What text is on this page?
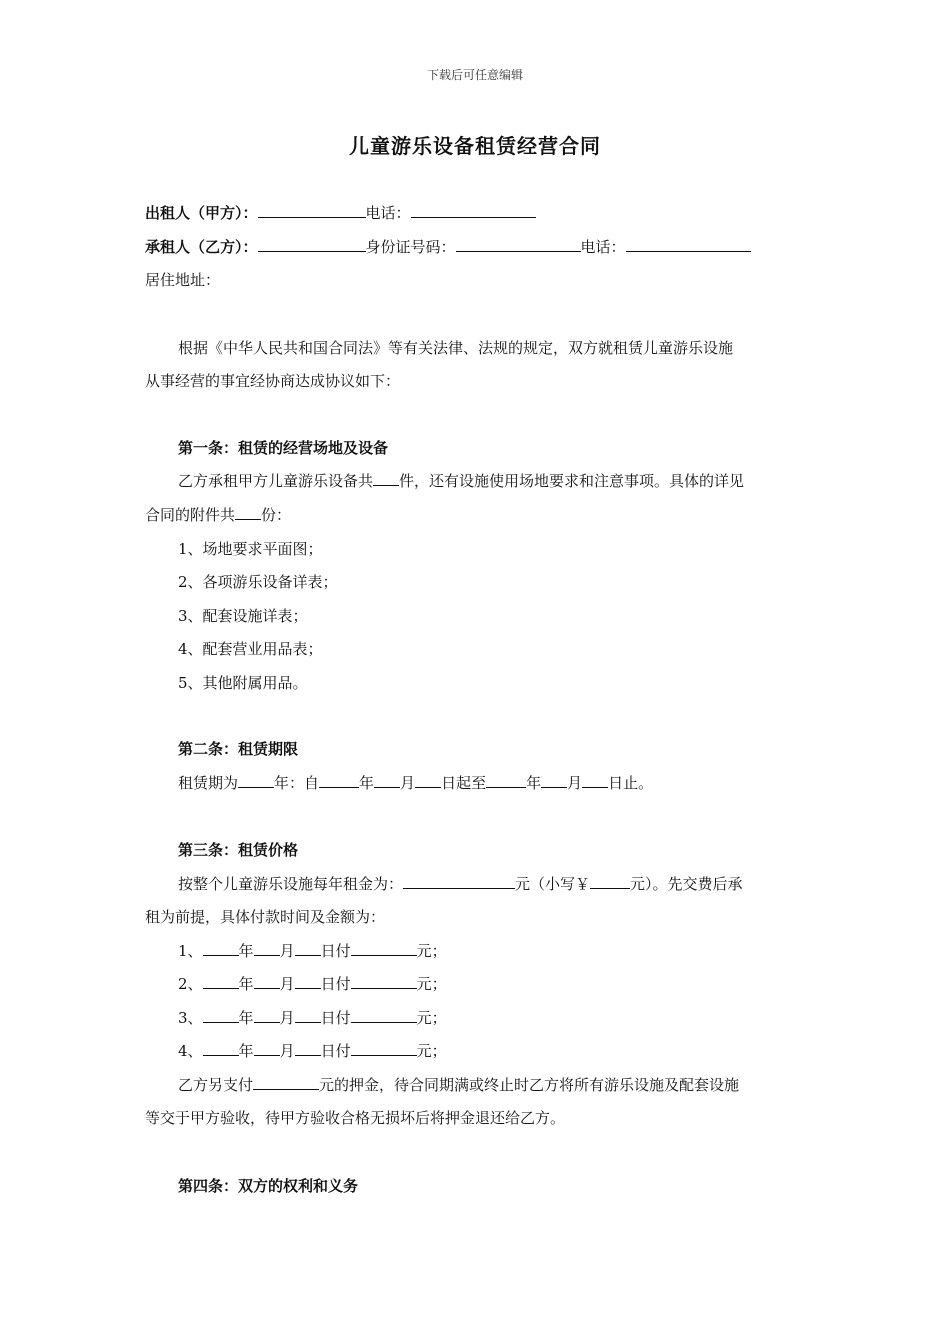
下载后可任意编辑
儿童游乐设备租赁经营合同
出租人（甲方）：	电话：
承租人（乙方）：	身份证号码：	电话：
居住地址：
根据《中华人民共和国合同法》等有关法律、法规的规定，双方就租赁儿童游乐设施
从事经营的事宜经协商达成协议如下：
第一条：租赁的经营场地及设备
乙方承租甲方儿童游乐设备共 件，还有设施使用场地要求和注意事项。具体的详见
合同的附件共 份：
1、场地要求平面图；
2、各项游乐设备详表；
3、配套设施详表；
4、配套营业用品表；
5、其他附属用品。
第二条：租赁期限
租赁期为 年：自	年 月 日起至	年 月 日止。
第三条：租赁价格
按整个儿童游乐设施每年租金为：	元（小写￥	元）。先交费后承
租为前提，具体付款时间及金额为：
1、 年 月 日付	元；
2、 年 月 日付	元；
3、 年 月 日付	元；
4、 年 月 日付	元；
乙方另支付	元的押金，待合同期满或终止时乙方将所有游乐设施及配套设施
等交于甲方验收，待甲方验收合格无损坏后将押金退还给乙方。
第四条：双方的权利和义务
